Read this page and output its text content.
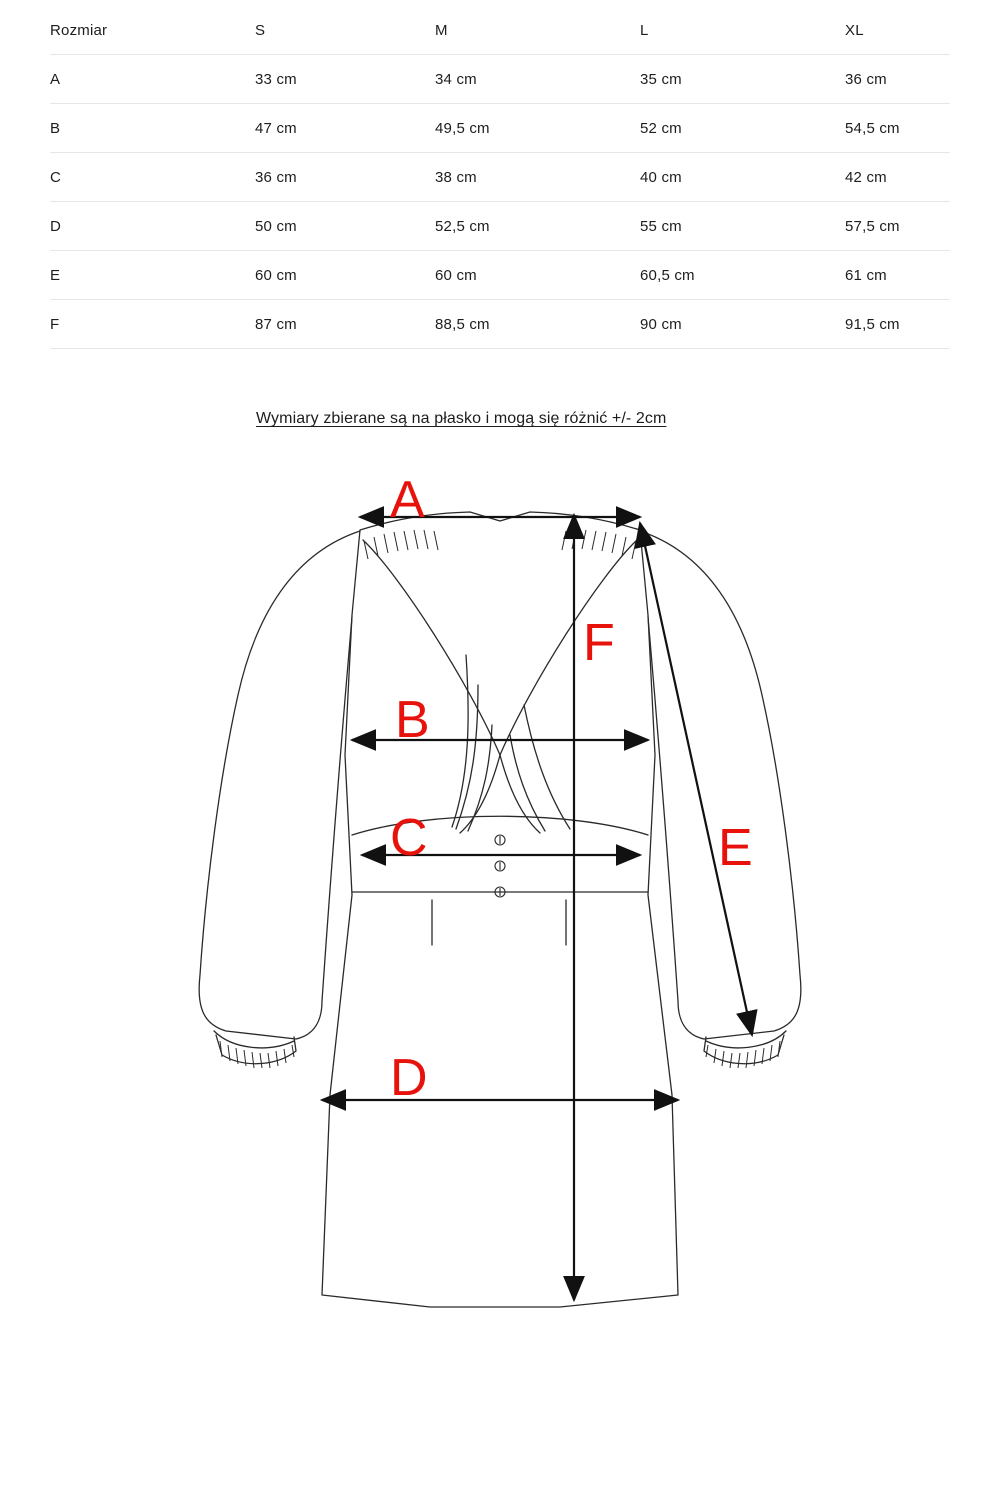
Rozmiar	S	M	L	XL
A	33 cm	34 cm	35 cm	36 cm
B	47 cm	49,5 cm	52 cm	54,5 cm
C	36 cm	38 cm	40 cm	42 cm
D	50 cm	52,5 cm	55 cm	57,5 cm
E	60 cm	60 cm	60,5 cm	61 cm
F	87 cm	88,5 cm	90 cm	91,5 cm
Wymiary zbierane są na płasko i mogą się różnić +/- 2cm
A
B
C
D
E
F
